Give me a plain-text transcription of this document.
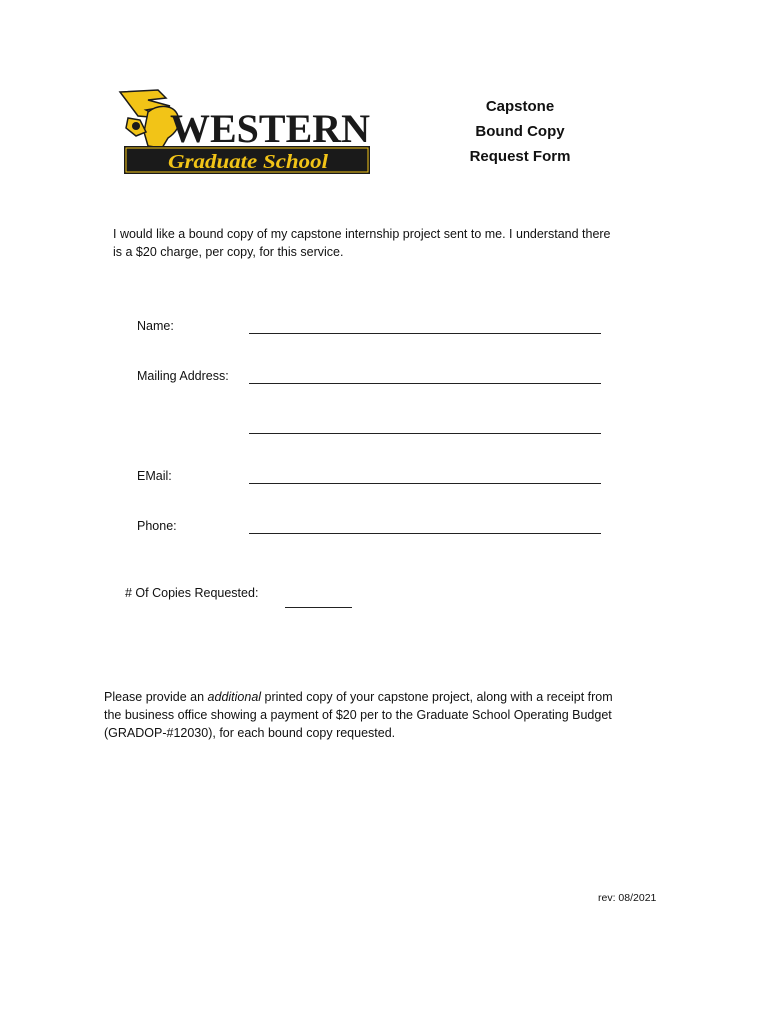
WESTERN
Graduate School
Capstone
Bound Copy
Request Form
I would like a bound copy of my capstone internship project sent to me. I understand there is a $20 charge, per copy, for this service.
Name:
Mailing Address:
EMail:
Phone:
# Of Copies Requested:
Please provide an additional printed copy of your capstone project, along with a receipt from the business office showing a payment of $20 per to the Graduate School Operating Budget (GRADOP-#12030), for each bound copy requested.
rev: 08/2021
